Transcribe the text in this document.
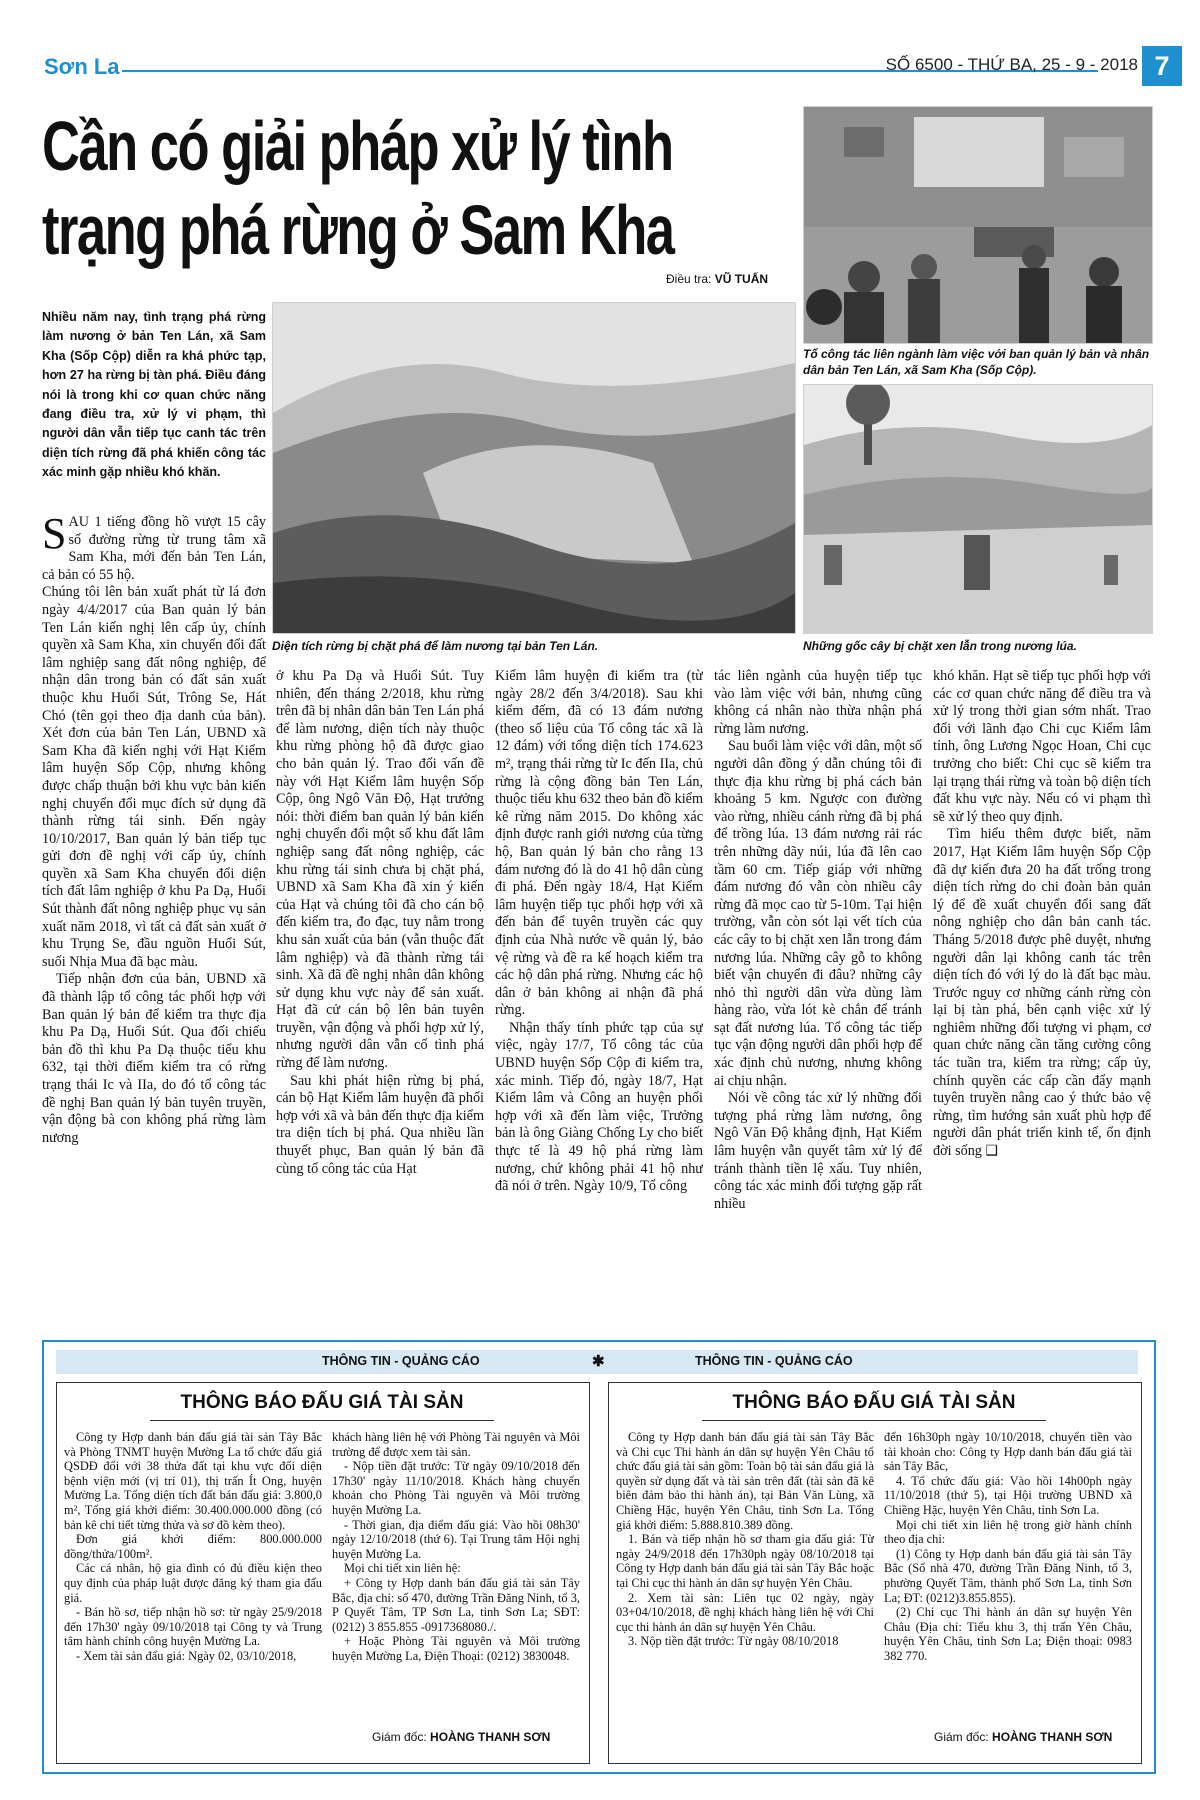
Sơn La	SỐ 6500 - THỨ BA, 25 - 9 - 2018 7
Cần có giải pháp xử lý tình trạng phá rừng ở Sam Kha
Điều tra: VŨ TUẤN
Nhiều năm nay, tình trạng phá rừng làm nương ở bản Ten Lán, xã Sam Kha (Sốp Cộp) diễn ra khá phức tạp, hơn 27 ha rừng bị tàn phá. Điều đáng nói là trong khi cơ quan chức năng đang điều tra, xử lý vi phạm, thì người dân vẫn tiếp tục canh tác trên diện tích rừng đã phá khiến công tác xác minh gặp nhiều khó khăn.
Tổ công tác liên ngành làm việc với ban quản lý bản và nhân dân bản Ten Lán, xã Sam Kha (Sốp Cộp).
Diện tích rừng bị chặt phá để làm nương tại bản Ten Lán.	Những gốc cây bị chặt xen lẫn trong nương lúa.

SAU 1 tiếng đồng hồ vượt 15 cây số đường rừng từ trung tâm xã Sam Kha, mới đến bản Ten Lán, cả bản có 55 hộ.

Chúng tôi lên bản xuất phát từ lá đơn ngày 4/4/2017 của Ban quản lý bản Ten Lán kiến nghị lên cấp ủy, chính quyền xã Sam Kha, xin chuyển đổi đất lâm nghiệp sang đất nông nghiệp, để nhận dân trong bản có đất sản xuất thuộc khu Huổi Sút, Trông Se, Hát Chó (tên gọi theo địa danh của bản). Xét đơn của bản Ten Lán, UBND xã Sam Kha đã kiến nghị với Hạt Kiểm lâm huyện Sốp Cộp, nhưng không được chấp thuận bởi khu vực bản kiến nghị chuyển đổi mục đích sử dụng đã thành rừng tái sinh. Đến ngày 10/10/2017, Ban quản lý bản tiếp tục gửi đơn đề nghị với cấp ủy, chính quyền xã Sam Kha chuyển đổi diện tích đất lâm nghiệp ở khu Pa Dạ, Huổi Sút thành đất nông nghiệp phục vụ sản xuất năm 2018, vì tất cả đất sản xuất ở khu Trụng Se, đầu nguồn Huổi Sút, suối Nhịa Mua đã bạc màu.

Tiếp nhận đơn của bản, UBND xã đã thành lập tổ công tác phối hợp với Ban quản lý bản để kiểm tra thực địa khu Pa Dạ, Huổi Sút. Qua đối chiếu bản đồ thì khu Pa Dạ thuộc tiểu khu 632, tại thời điểm kiểm tra có rừng trạng thái Ic và IIa, do đó tổ công tác đề nghị Ban quản lý bản tuyên truyền, vận động bà con không phá rừng làm nương

ở khu Pa Dạ và Huổi Sút. Tuy nhiên, đến tháng 2/2018, khu rừng trên đã bị nhân dân bản Ten Lán phá để làm nương, diện tích này thuộc khu rừng phòng hộ đã được giao cho bản quản lý. Trao đổi vấn đề này với Hạt Kiểm lâm huyện Sốp Cộp, ông Ngô Văn Độ, Hạt trưởng nói: thời điểm ban quản lý bản kiến nghị chuyển đổi một số khu đất lâm nghiệp sang đất nông nghiệp, các khu rừng tái sinh chưa bị chặt phá, UBND xã Sam Kha đã xin ý kiến của Hạt và chúng tôi đã cho cán bộ đến kiểm tra, đo đạc, tuy nằm trong khu sản xuất của bản (vẫn thuộc đất lâm nghiệp) và đã thành rừng tái sinh. Xã đã đề nghị nhân dân không sử dụng khu vực này để sản xuất. Hạt đã cử cán bộ lên bản tuyên truyền, vận động và phối hợp xử lý, nhưng người dân vẫn cố tình phá rừng để làm nương.

Sau khi phát hiện rừng bị phá, cán bộ Hạt Kiểm lâm huyện đã phối hợp với xã và bản đến thực địa kiểm tra diện tích bị phá. Qua nhiều lần thuyết phục, Ban quản lý bản đã cùng tổ công tác của Hạt

Kiểm lâm huyện đi kiểm tra (từ ngày 28/2 đến 3/4/2018). Sau khi kiểm đếm, đã có 13 đám nương (theo số liệu của Tổ công tác xã là 12 đám) với tổng diện tích 174.623 m², trạng thái rừng từ Ic đến IIa, chủ rừng là cộng đồng bản Ten Lán, thuộc tiểu khu 632 theo bản đồ kiểm kê rừng năm 2015. Do không xác định được ranh giới nương của từng hộ, Ban quản lý bản cho rằng 13 đám nương đó là do 41 hộ dân cùng đi phá. Đến ngày 18/4, Hạt Kiểm lâm huyện tiếp tục phối hợp với xã đến bản để tuyên truyền các quy định của Nhà nước về quản lý, bảo vệ rừng và đề ra kế hoạch kiểm tra các hộ dân phá rừng. Nhưng các hộ dân ở bản không ai nhận đã phá rừng.

Nhận thấy tính phức tạp của sự việc, ngày 17/7, Tổ công tác của UBND huyện Sốp Cộp đi kiểm tra, xác minh. Tiếp đó, ngày 18/7, Hạt Kiểm lâm và Công an huyện phối hợp với xã đến làm việc, Trưởng bản là ông Giàng Chống Ly cho biết thực tế là 49 hộ phá rừng làm nương, chứ không phải 41 hộ như đã nói ở trên. Ngày 10/9, Tổ công

tác liên ngành của huyện tiếp tục vào làm việc với bản, nhưng cũng không cá nhân nào thừa nhận phá rừng làm nương.

Sau buổi làm việc với dân, một số người dân đồng ý dẫn chúng tôi đi thực địa khu rừng bị phá cách bản khoảng 5 km. Ngược con đường vào rừng, nhiều cánh rừng đã bị phá để trồng lúa. 13 đám nương rải rác trên những dãy núi, lúa đã lên cao tầm 60 cm. Tiếp giáp với những đám nương đó vẫn còn nhiều cây rừng đã mọc cao từ 5-10m. Tại hiện trường, vẫn còn sót lại vết tích của các cây to bị chặt xen lẫn trong đám nương lúa. Những cây gỗ to không biết vận chuyển đi đâu? những cây nhỏ thì người dân vừa dùng làm hàng rào, vừa lót kè chắn để tránh sạt đất nương lúa. Tổ công tác tiếp tục vận động người dân phối hợp để xác định chủ nương, nhưng không ai chịu nhận.

Nói về công tác xử lý những đối tượng phá rừng làm nương, ông Ngô Văn Độ khẳng định, Hạt Kiểm lâm huyện vẫn quyết tâm xử lý để tránh thành tiền lệ xấu. Tuy nhiên, công tác xác minh đối tượng gặp rất nhiều

khó khăn. Hạt sẽ tiếp tục phối hợp với các cơ quan chức năng để điều tra và xử lý trong thời gian sớm nhất. Trao đổi với lãnh đạo Chi cục Kiểm lâm tỉnh, ông Lương Ngọc Hoan, Chi cục trưởng cho biết: Chi cục sẽ kiểm tra lại trạng thái rừng và toàn bộ diện tích đất khu vực này. Nếu có vi phạm thì sẽ xử lý theo quy định.

Tìm hiểu thêm được biết, năm 2017, Hạt Kiểm lâm huyện Sốp Cộp đã dự kiến đưa 20 ha đất trống trong diện tích rừng do chi đoàn bản quản lý để đề xuất chuyển đổi sang đất nông nghiệp cho dân bản canh tác. Tháng 5/2018 được phê duyệt, nhưng người dân lại không canh tác trên diện tích đó với lý do là đất bạc màu. Trước nguy cơ những cánh rừng còn lại bị tàn phá, bên cạnh việc xử lý nghiêm những đối tượng vi phạm, cơ quan chức năng cần tăng cường công tác tuần tra, kiểm tra rừng; cấp ủy, chính quyền các cấp cần đẩy mạnh tuyên truyền nâng cao ý thức bảo vệ rừng, tìm hướng sản xuất phù hợp để người dân phát triển kinh tế, ổn định đời sống ❑

THÔNG TIN - QUẢNG CÁO	✱	THÔNG TIN - QUẢNG CÁO
THÔNG BÁO ĐẤU GIÁ TÀI SẢN

Công ty Hợp danh bán đấu giá tài sản Tây Bắc và Phòng TNMT huyện Mường La tổ chức đấu giá QSDĐ đối với 38 thửa đất tại khu vực đối diện bệnh viện mới (vị trí 01), thị trấn Ít Ong, huyện Mường La. Tổng diện tích đất bán đấu giá: 3.800,0 m², Tổng giá khởi điểm: 30.400.000.000 đồng (có bản kê chi tiết từng thửa và sơ đồ kèm theo).

Đơn giá khởi điểm: 800.000.000 đồng/thửa/100m².

Các cá nhân, hộ gia đình có đủ điều kiện theo quy định của pháp luật được đăng ký tham gia đấu giá.

- Bán hồ sơ, tiếp nhận hồ sơ: từ ngày 25/9/2018 đến 17h30' ngày 09/10/2018 tại Công ty và Trung tâm hành chính công huyện Mường La.

- Xem tài sản đấu giá: Ngày 02, 03/10/2018,

khách hàng liên hệ với Phòng Tài nguyên và Môi trường để được xem tài sản.

- Nộp tiền đặt trước: Từ ngày 09/10/2018 đến 17h30' ngày 11/10/2018. Khách hàng chuyển khoản cho Phòng Tài nguyên và Môi trường huyện Mường La.

- Thời gian, địa điểm đấu giá: Vào hồi 08h30' ngày 12/10/2018 (thứ 6). Tại Trung tâm Hội nghị huyện Mường La.

Mọi chi tiết xin liên hệ:

+ Công ty Hợp danh bán đấu giá tài sản Tây Bắc, địa chỉ: số 470, đường Trần Đăng Ninh, tổ 3, P Quyết Tâm, TP Sơn La, tỉnh Sơn La; SĐT: (0212) 3 855.855 -0917368080./.

+ Hoặc Phòng Tài nguyên và Môi trường huyện Mường La, Điện Thoại: (0212) 3830048.

Giám đốc: HOÀNG THANH SƠN
THÔNG BÁO ĐẤU GIÁ TÀI SẢN

Công ty Hợp danh bán đấu giá tài sản Tây Bắc và Chi cục Thi hành án dân sự huyện Yên Châu tổ chức đấu giá tài sản gồm: Toàn bộ tài sản đấu giá là quyền sử dụng đất và tài sản trên đất (tài sản đã kê biên đảm bảo thi hành án), tại Bản Văn Lùng, xã Chiềng Hặc, huyện Yên Châu, tỉnh Sơn La. Tổng giá khởi điểm: 5.888.810.389 đồng.

1. Bán và tiếp nhận hồ sơ tham gia đấu giá: Từ ngày 24/9/2018 đến 17h30ph ngày 08/10/2018 tại Công ty Hợp danh bán đấu giá tài sản Tây Bắc hoặc tại Chi cục thi hành án dân sự huyện Yên Châu.

2. Xem tài sản: Liên tục 02 ngày, ngày 03+04/10/2018, đề nghị khách hàng liên hệ với Chi cục thi hành án dân sự huyện Yên Châu.

3. Nộp tiền đặt trước: Từ ngày 08/10/2018

đến 16h30ph ngày 10/10/2018, chuyển tiền vào tài khoản cho: Công ty Hợp danh bán đấu giá tài sản Tây Bắc,

4. Tổ chức đấu giá: Vào hồi 14h00ph ngày 11/10/2018 (thứ 5), tại Hội trường UBND xã Chiềng Hặc, huyện Yên Châu, tỉnh Sơn La.

Mọi chi tiết xin liên hệ trong giờ hành chính theo địa chỉ:

(1) Công ty Hợp danh bán đấu giá tài sản Tây Bắc (Số nhà 470, đường Trần Đăng Ninh, tổ 3, phường Quyết Tâm, thành phố Sơn La, tỉnh Sơn La; ĐT: (0212)3.855.855).

(2) Chi cục Thi hành án dân sự huyện Yên Châu (Địa chỉ: Tiểu khu 3, thị trấn Yên Châu, huyện Yên Châu, tỉnh Sơn La; Điện thoại: 0983 382 770.

Giám đốc: HOÀNG THANH SƠN
